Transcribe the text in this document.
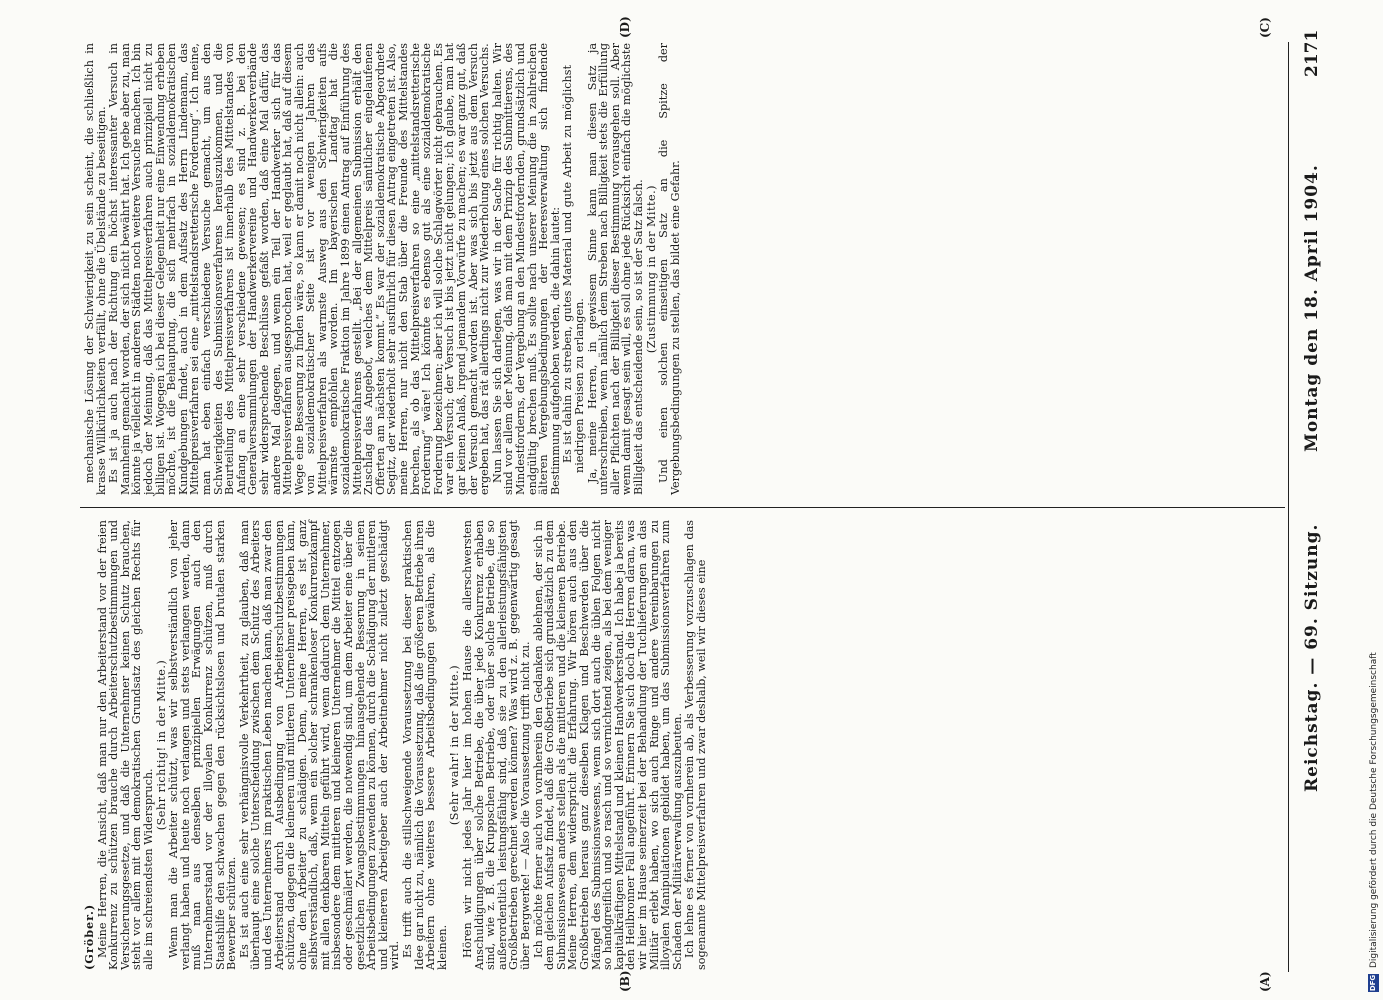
Reichstag. — 69. Sitzung.
Montag den 18. April 1904.
2171
(A)
(B)
(C)
(D)

(Gröber.) Meine Herren, die Ansicht, daß man nur den Arbeiterstand vor der freien Konkurrenz zu schützen brauche durch Arbeiterschutzbestimmungen und Versicherungsgesetze, und daß die Unternehmer keinen Schutz brauchen, steht vor allem mit dem demokratischen Grundsatz des gleichen Rechts für alle im schreiendsten Widerspruch.

(Sehr richtig! in der Mitte.) Wenn man die Arbeiter schützt, was wir selbstverständlich von jeher verlangt haben und heute noch verlangen und stets verlangen werden, dann muß man aus denselben prinzipiellen Erwägungen auch den Unternehmerstand vor der illoyalen Konkurrenz schützen, muß durch Staatshilfe den schwachen gegen den rücksichtslosen und brutalen starken Bewerber schützen. Es ist auch eine sehr verhängnisvolle Verkehrtheit, zu glauben, daß man überhaupt eine solche Unterscheidung zwischen dem Schutz des Arbeiters und des Unternehmers im praktischen Leben machen kann, daß man zwar den Arbeiterstand durch Ausbedingung von Arbeiterschutzbestimmungen schützen, dagegen die kleineren und mittleren Unternehmer preisgeben kann, ohne den Arbeiter zu schädigen. Denn, meine Herren, es ist ganz selbstverständlich, daß, wenn ein solcher schrankenloser Konkurrenzkampf mit allen denkbaren Mitteln geführt wird, wenn dadurch dem Unternehmer, insbesondere dem mittleren und kleineren Unternehmer die Mittel entzogen oder geschmälert werden, die notwendig sind, um dem Arbeiter eine über die gesetzlichen Zwangsbestimmungen hinausgehende Besserung in seinen Arbeitsbedingungen zuwenden zu können, durch die Schädigung der mittleren und kleineren Arbeitgeber auch der Arbeitnehmer nicht zuletzt geschädigt wird. Es trifft auch die stillschweigende Voraussetzung bei dieser praktischen Idee gar nicht zu, nämlich die Voraussetzung, daß die größeren Betriebe ihren Arbeitern ohne weiteres bessere Arbeitsbedingungen gewähren, als die kleinen.

(Sehr wahr! in der Mitte.) Hören wir nicht jedes Jahr hier im hohen Hause die allerschwersten Anschuldigungen über solche Betriebe, die über jede Konkurrenz erhaben sind, wie z. B. die Kruppschen Betriebe, oder über solche Betriebe, die so außerordentlich leistungsfähig sind, daß sie zu den allerleistungsfähigsten Großbetrieben gerechnet werden können? Was wird z. B. gegenwärtig gesagt über Bergwerke! — Also die Voraussetzung trifft nicht zu. Ich möchte ferner auch von vornherein den Gedanken ablehnen, der sich in dem gleichen Aufsatz findet, daß die Großbetriebe sich grundsätzlich zu dem Submissionswesen anders stellen als die mittleren und die kleineren Betriebe. Meine Herren, dem widerspricht die Erfahrung. Wir hören auch aus den Großbetrieben heraus ganz dieselben Klagen und Beschwerden über die Mängel des Submissionswesens, wenn sich dort auch die üblen Folgen nicht so handgreiflich und so rasch und so vernichtend zeigen, als bei dem weniger kapitalkräftigen Mittelstand und kleinen Handwerkerstand. Ich habe ja bereits den Heilbronner Fall angeführt. Erinnern Sie sich doch die Herren daran, was wir hier im Hause seinerzeit bei der Behandlung der Tuchlieferungen an das Militär erlebt haben, wo sich auch Ringe und andere Vereinbarungen zu illoyalen Manipulationen gebildet haben, um das Submissionsverfahren zum Schaden der Militärverwaltung auszubeuten. Ich lehne es ferner von vornherein ab, als Verbesserung vorzuschlagen das sogenannte Mittelpreisverfahren und zwar deshalb, weil wir dieses eine

mechanische Lösung der Schwierigkeit zu sein scheint, die schließlich in krasse Willkürlichkeiten verfällt, ohne die Übelstände zu beseitigen. Es ist ja auch nach der Richtung ein höchst interessanter Versuch in Mannheim gemacht worden, der sich nicht bewährt hat. Ich gebe aber zu, man könnte ja vielleicht in anderen Städten noch weitere Versuche machen. Ich bin jedoch der Meinung, daß das Mittelpreisverfahren auch prinzipiell nicht zu billigen ist. Wogegen ich bei dieser Gelegenheit nur eine Einwendung erheben möchte, ist die Behauptung, die sich mehrfach in sozialdemokratischen Kundgebungen findet, auch in dem Aufsatz des Herrn Lindemann, das Mittelpreisverfahren sei eine „mittelstandsretterische Forderung“. Ich meine, man hat eben einfach verschiedene Versuche gemacht, um aus den Schwierigkeiten des Submissionsverfahrens herauszukommen, und die Beurteilung des Mittelpreisverfahrens ist innerhalb des Mittelstandes von Anfang an eine sehr verschiedene gewesen; es sind z. B. bei den Generalversammlungen der Handwerkervereine und Handwerkerverbände sehr widersprechende Beschlüsse gefaßt worden, daß eine Mal dafür, das andere Mal dagegen, und wenn ein Teil der Handwerker sich für das Mittelpreisverfahren ausgesprochen hat, weil er geglaubt hat, daß auf diesem Wege eine Besserung zu finden wäre, so kann er damit noch nicht allein: auch von sozialdemokratischer Seite ist vor wenigen Jahren das Mittelpreisverfahren als warmste Ausweg aus den Schwierigkeiten aufs wärmste empfohlen worden. Im bayerischen Landtag hat die sozialdemokratische Fraktion im Jahre 1899 einen Antrag auf Einführung des Mittelpreisverfahrens gestellt. „Bei der allgemeinen Submission erhält den Zuschlag das Angebot, welches dem Mittelpreis sämtlicher eingelaufenen Offerten am nächsten kommt.“ Es war der sozialdemokratische Abgeordnete Segitz, der wiederholt sehr ausführlich für diesen Antrag eingetreten ist. Also, meine Herren, nur nicht den Stab über die Freunde des Mittelstandes brechen, als ob das Mittelpreisverfahren so eine „mittelstandsretterische Forderung“ wäre! Ich könnte es ebenso gut als eine sozialdemokratische Forderung bezeichnen; aber ich will solche Schlagwörter nicht gebrauchen. Es war ein Versuch; der Versuch ist bis jetzt nicht gelungen; ich glaube, man hat gar keinen Anlaß, irgend jemandem Vorwürfe zu machen; es war ganz gut, daß der Versuch gemacht worden ist. Aber was sich bis jetzt aus dem Versuch ergeben hat, das rät allerdings nicht zur Wiederholung eines solchen Versuchs. Nun lassen Sie sich darlegen, was wir in der Sache für richtig halten. Wir sind vor allem der Meinung, daß man mit dem Prinzip des Submittierens, des Mindestforderns, der Vergebung an den Mindestfordernden, grundsätzlich und endgültig brechen muß. Es sollte nach unserer Meinung die in zahlreichen älteren Vergebungsbedingungen der Heeresverwaltung sich findende Bestimmung aufgehoben werden, die dahin lautet: Es ist dahin zu streben, gutes Material und gute Arbeit zu möglichst niedrigen Preisen zu erlangen. Ja, meine Herren, in gewissem Sinne kann man diesen Satz ja unterschreiben, wenn nämlich dem Streben nach Billigkeit stets die Erfüllung aller Pflichten nach der Billigkeit dieser Bestimmung vorausgehen soll. Aber wenn damit gesagt sein will, es soll ohne jede Rücksicht einfach die möglichste Billigkeit das entscheidende sein, so ist der Satz falsch. (Zustimmung in der Mitte.) Und einen solchen einseitigen Satz an die Spitze der Vergebungsbedingungen zu stellen, das bildet eine Gefahr.

DFG
Digitalisierung gefördert durch die Deutsche Forschungsgemeinschaft
